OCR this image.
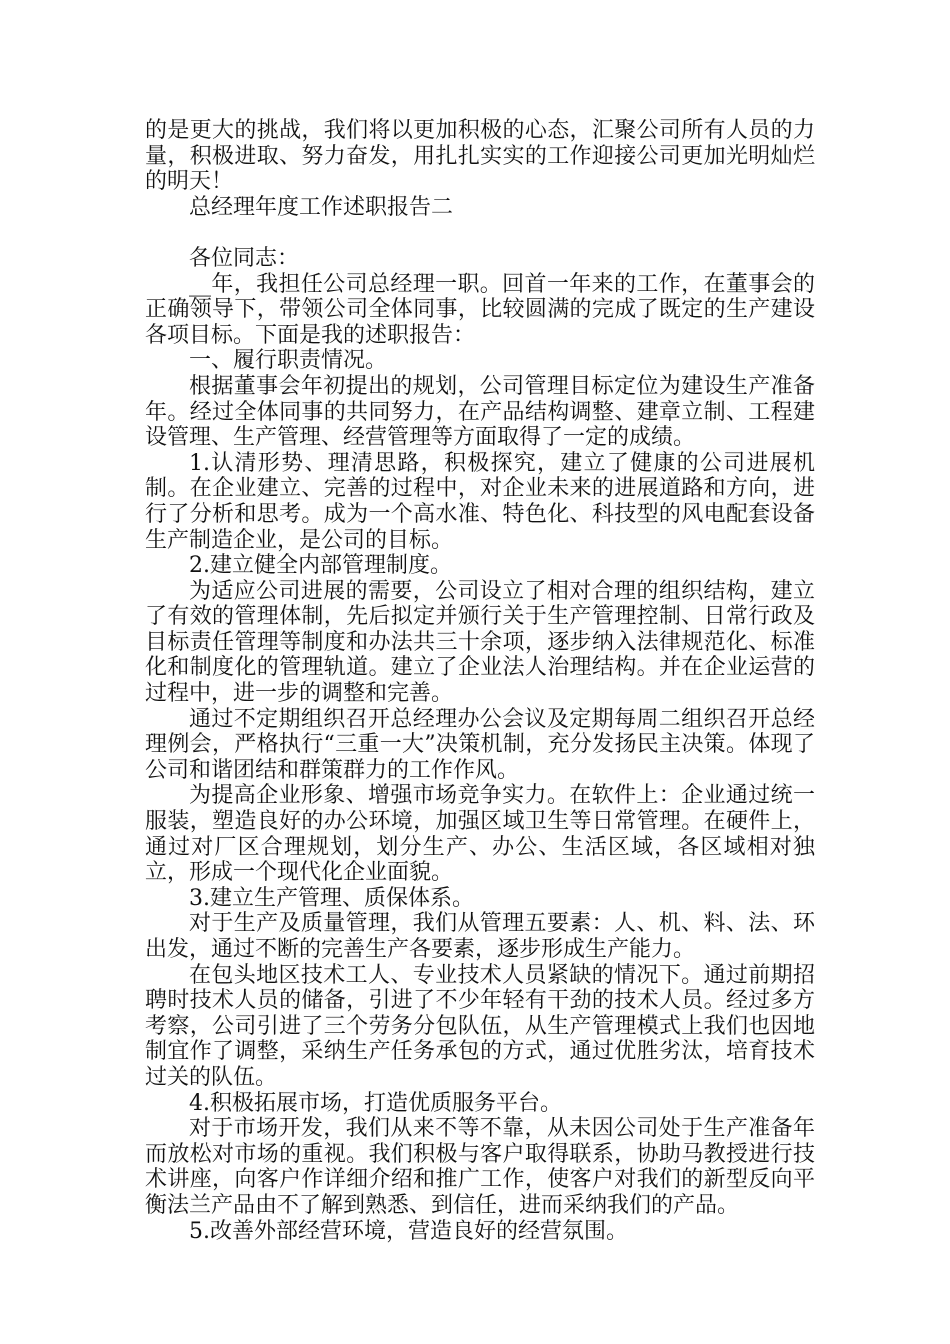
的是更大的挑战，我们将以更加积极的心态，汇聚公司所有人员的力量，积极进取、努力奋发，用扎扎实实的工作迎接公司更加光明灿烂的明天！

总经理年度工作述职报告二

各位同志：

__年，我担任公司总经理一职。回首一年来的工作，在董事会的正确领导下，带领公司全体同事，比较圆满的完成了既定的生产建设各项目标。下面是我的述职报告：

一、履行职责情况。

根据董事会年初提出的规划，公司管理目标定位为建设生产准备年。经过全体同事的共同努力，在产品结构调整、建章立制、工程建设管理、生产管理、经营管理等方面取得了一定的成绩。

1.认清形势、理清思路，积极探究，建立了健康的公司进展机制。在企业建立、完善的过程中，对企业未来的进展道路和方向，进行了分析和思考。成为一个高水准、特色化、科技型的风电配套设备生产制造企业，是公司的目标。

2.建立健全内部管理制度。

为适应公司进展的需要，公司设立了相对合理的组织结构，建立了有效的管理体制，先后拟定并颁行关于生产管理控制、日常行政及目标责任管理等制度和办法共三十余项，逐步纳入法律规范化、标准化和制度化的管理轨道。建立了企业法人治理结构。并在企业运营的过程中，进一步的调整和完善。

通过不定期组织召开总经理办公会议及定期每周二组织召开总经理例会，严格执行“三重一大”决策机制，充分发扬民主决策。体现了公司和谐团结和群策群力的工作作风。

为提高企业形象、增强市场竞争实力。在软件上：企业通过统一服装，塑造良好的办公环境，加强区域卫生等日常管理。在硬件上，通过对厂区合理规划，划分生产、办公、生活区域，各区域相对独立，形成一个现代化企业面貌。

3.建立生产管理、质保体系。

对于生产及质量管理，我们从管理五要素：人、机、料、法、环出发，通过不断的完善生产各要素，逐步形成生产能力。

在包头地区技术工人、专业技术人员紧缺的情况下。通过前期招聘时技术人员的储备，引进了不少年轻有干劲的技术人员。经过多方考察，公司引进了三个劳务分包队伍，从生产管理模式上我们也因地制宜作了调整，采纳生产任务承包的方式，通过优胜劣汰，培育技术过关的队伍。

4.积极拓展市场，打造优质服务平台。

对于市场开发，我们从来不等不靠，从未因公司处于生产准备年而放松对市场的重视。我们积极与客户取得联系，协助马教授进行技术讲座，向客户作详细介绍和推广工作，使客户对我们的新型反向平衡法兰产品由不了解到熟悉、到信任，进而采纳我们的产品。

5.改善外部经营环境，营造良好的经营氛围。
